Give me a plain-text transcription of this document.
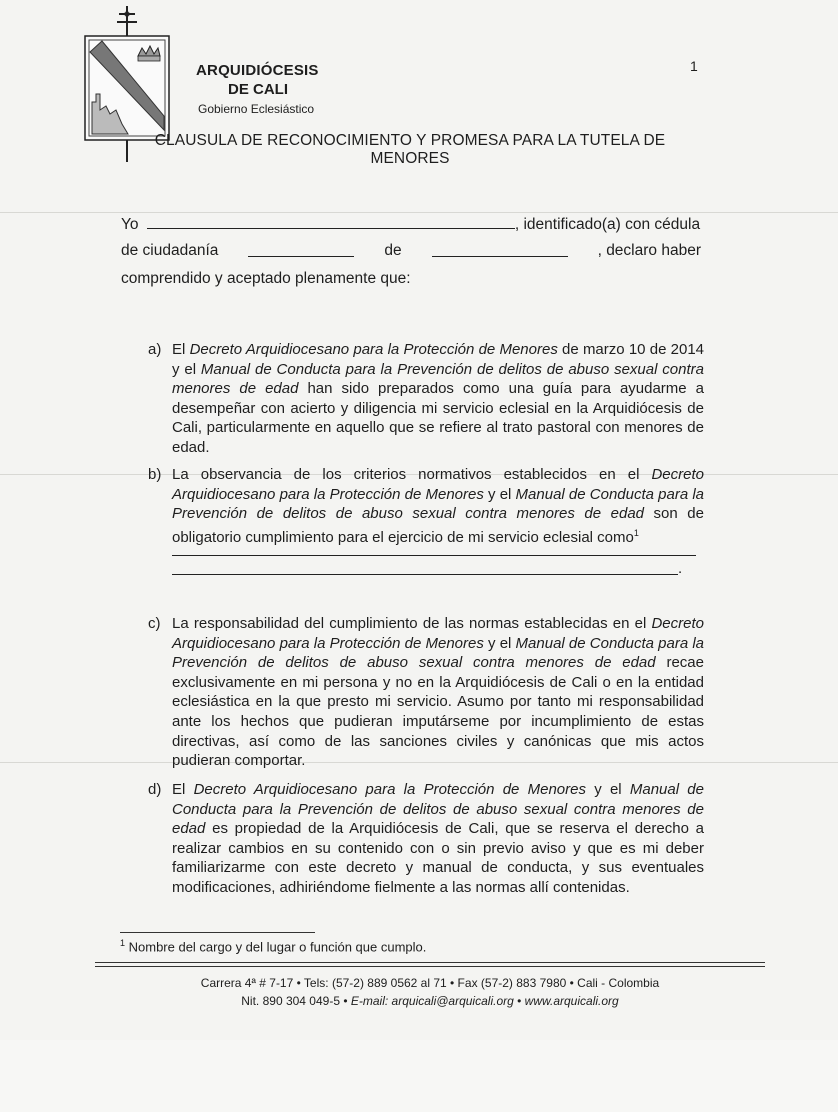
ARQUIDIÓCESIS
DE CALI
Gobierno Eclesiástico
1
CLAUSULA DE RECONOCIMIENTO Y PROMESA PARA LA TUTELA DE MENORES
Yo	, identificado(a) con cédula
de ciudadanía	de	, declaro haber
comprendido y aceptado plenamente que:
a) El Decreto Arquidiocesano para la Protección de Menores de marzo 10 de 2014 y el Manual de Conducta para la Prevención de delitos de abuso sexual contra menores de edad han sido preparados como una guía para ayudarme a desempeñar con acierto y diligencia mi servicio eclesial en la Arquidiócesis de Cali, particularmente en aquello que se refiere al trato pastoral con menores de edad.
b) La observancia de los criterios normativos establecidos en el Decreto Arquidiocesano para la Protección de Menores y el Manual de Conducta para la Prevención de delitos de abuso sexual contra menores de edad son de obligatorio cumplimiento para el ejercicio de mi servicio eclesial como$^1$
.
c) La responsabilidad del cumplimiento de las normas establecidas en el Decreto Arquidiocesano para la Protección de Menores y el Manual de Conducta para la Prevención de delitos de abuso sexual contra menores de edad recae exclusivamente en mi persona y no en la Arquidiócesis de Cali o en la entidad eclesiástica en la que presto mi servicio. Asumo por tanto mi responsabilidad ante los hechos que pudieran imputárseme por incumplimiento de estas directivas, así como de las sanciones civiles y canónicas que mis actos pudieran comportar.
d) El Decreto Arquidiocesano para la Protección de Menores y el Manual de Conducta para la Prevención de delitos de abuso sexual contra menores de edad es propiedad de la Arquidiócesis de Cali, que se reserva el derecho a realizar cambios en su contenido con o sin previo aviso y que es mi deber familiarizarme con este decreto y manual de conducta, y sus eventuales modificaciones, adhiriéndome fielmente a las normas allí contenidas.
$^1$ Nombre del cargo y del lugar o función que cumplo.
Carrera 4ª # 7-17 • Tels: (57-2) 889 0562 al 71 • Fax (57-2) 883 7980 • Cali - Colombia
Nit. 890 304 049-5 • E-mail: arquicali@arquicali.org • www.arquicali.org
